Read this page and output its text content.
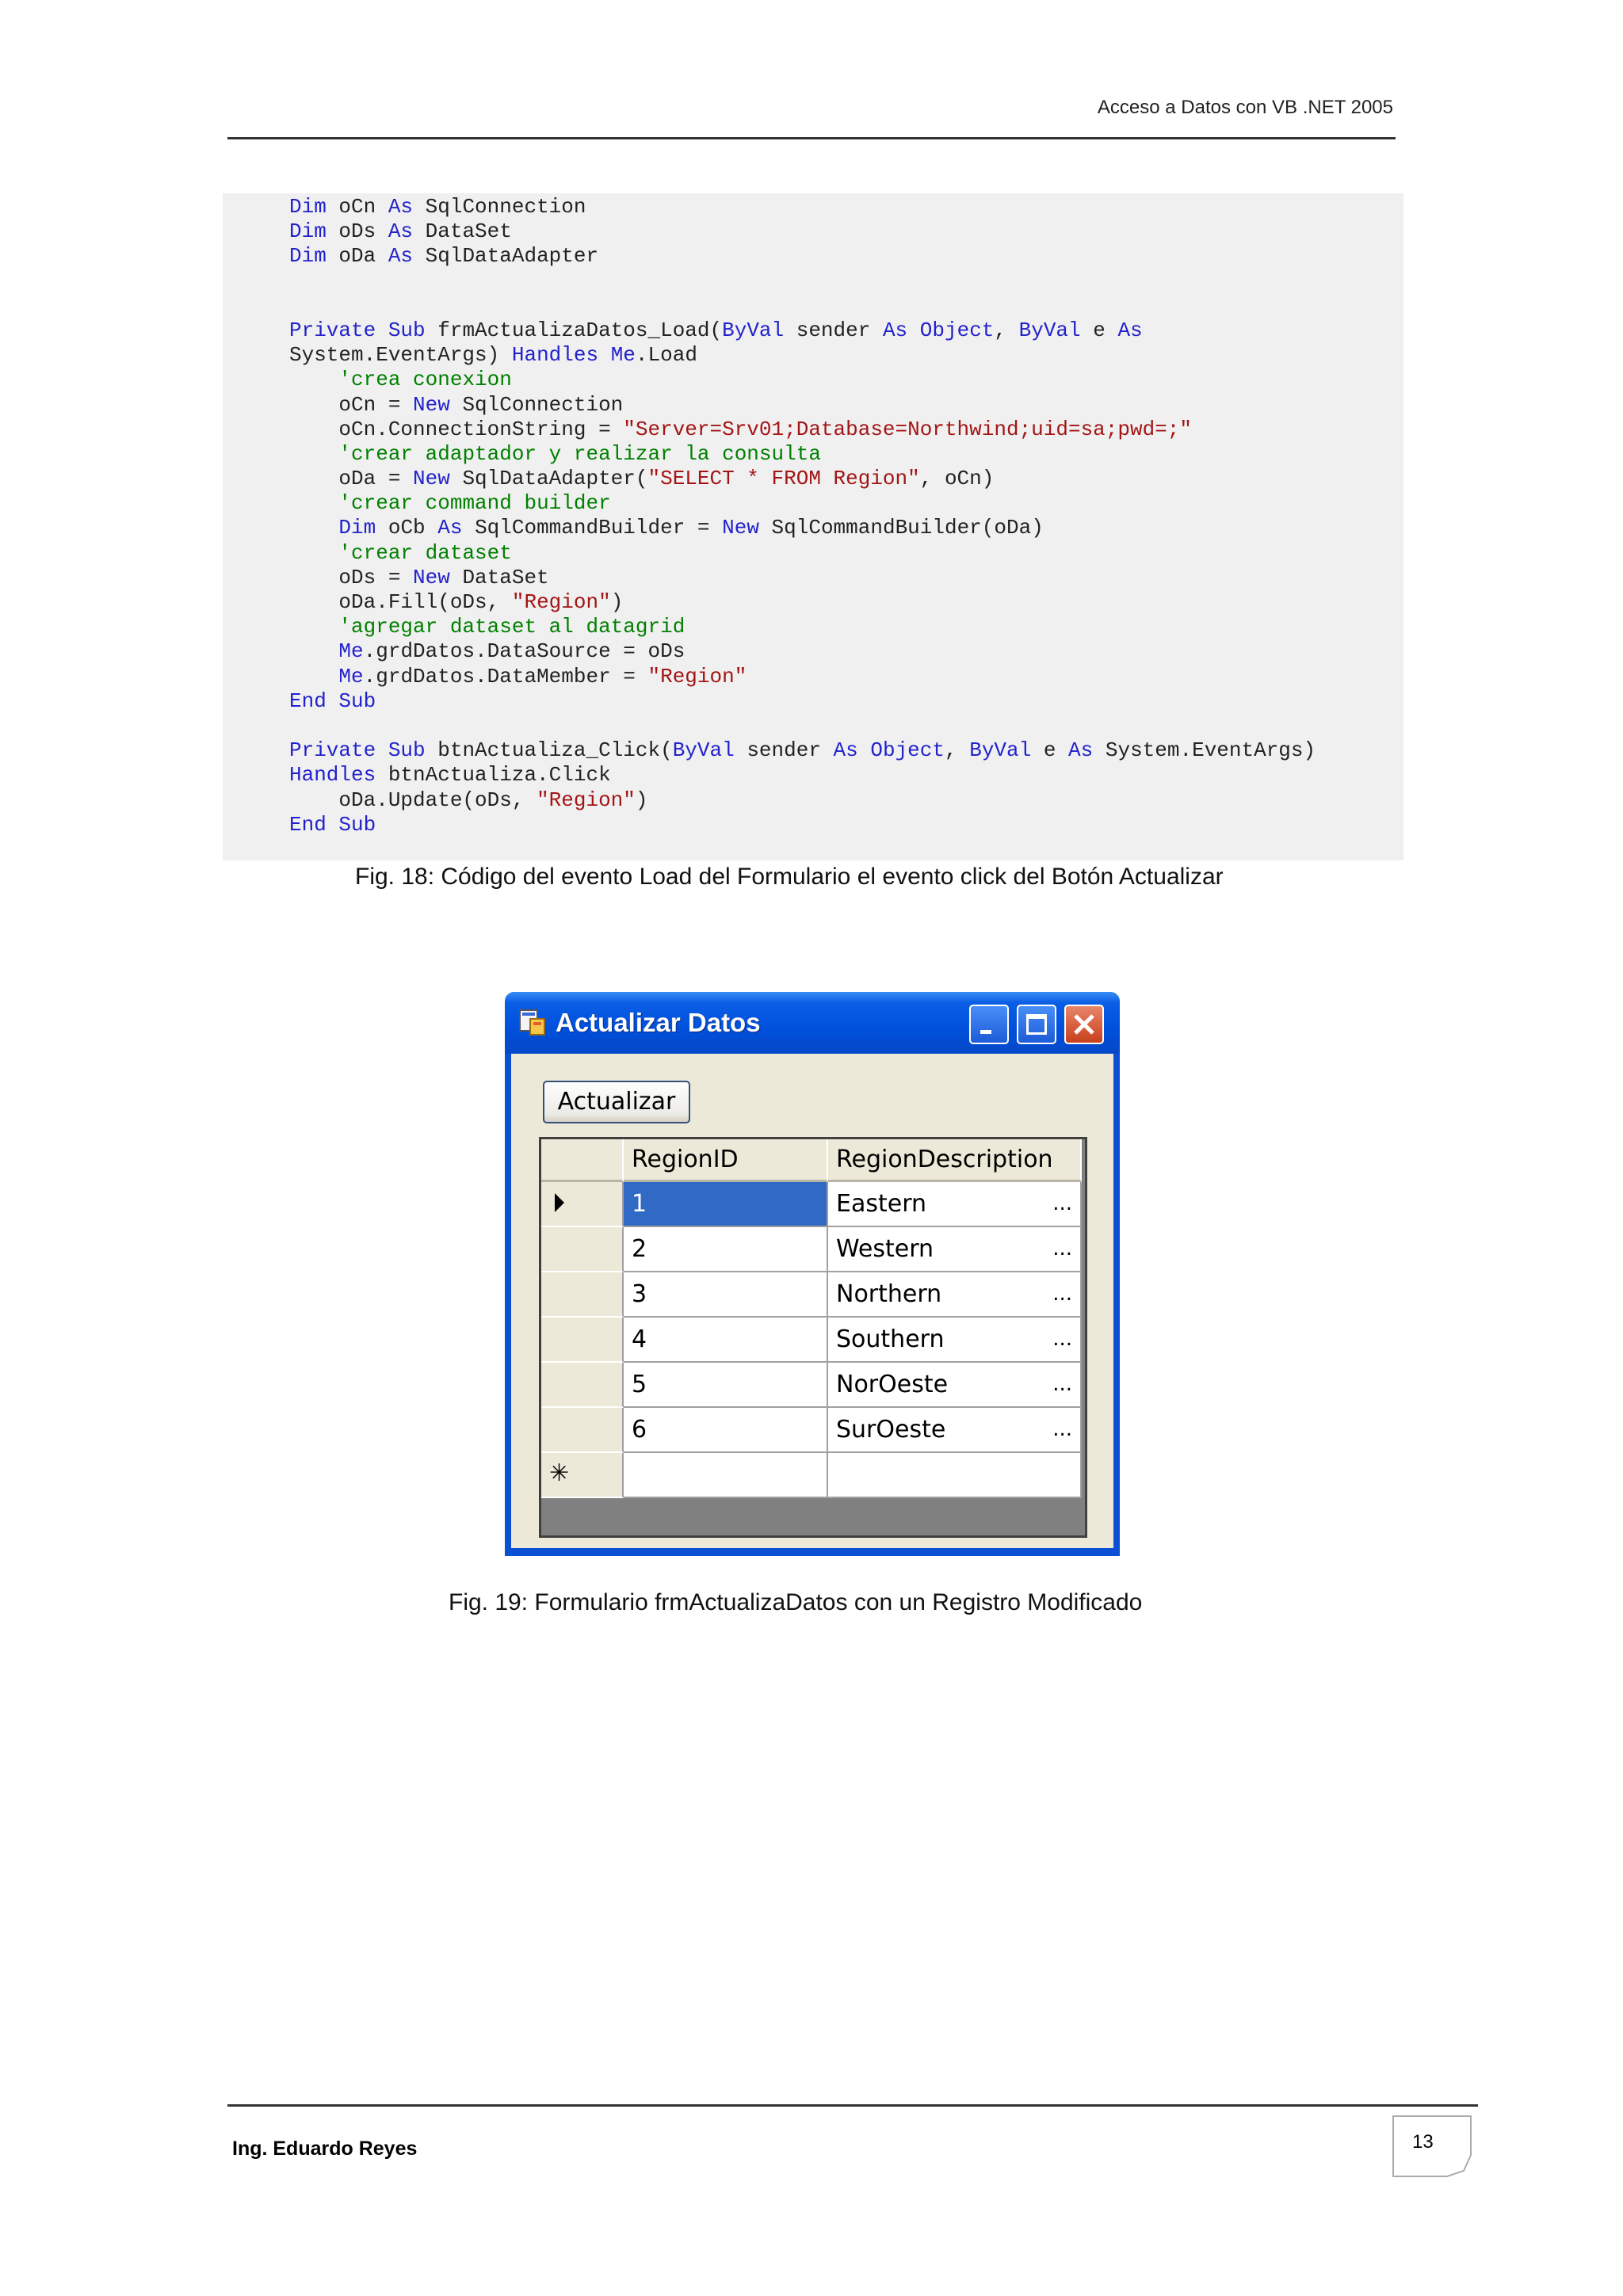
Acceso a Datos con VB .NET 2005
Dim oCn As SqlConnection
Dim oDs As DataSet
Dim oDa As SqlDataAdapter
Private Sub frmActualizaDatos_Load(ByVal sender As Object, ByVal e As
System.EventArgs) Handles Me.Load
'crea conexion
oCn = New SqlConnection
oCn.ConnectionString = "Server=Srv01;Database=Northwind;uid=sa;pwd=;"
'crear adaptador y realizar la consulta
oDa = New SqlDataAdapter("SELECT * FROM Region", oCn)
'crear command builder
Dim oCb As SqlCommandBuilder = New SqlCommandBuilder(oDa)
'crear dataset
oDs = New DataSet
oDa.Fill(oDs, "Region")
'agregar dataset al datagrid
Me.grdDatos.DataSource = oDs
Me.grdDatos.DataMember = "Region"
End Sub
Private Sub btnActualiza_Click(ByVal sender As Object, ByVal e As System.EventArgs)
Handles btnActualiza.Click
oDa.Update(oDs, "Region")
End Sub
Fig. 18: Código del evento Load del Formulario el evento click del Botón Actualizar
Actualizar Datos
Actualizar
RegionID	RegionDescription
✳
1	Eastern	...
2	Western	...
3	Northern	...
4	Southern	...
5	NorOeste	...
6	SurOeste	...
Fig. 19: Formulario frmActualizaDatos con un Registro Modificado
Ing. Eduardo Reyes	13
